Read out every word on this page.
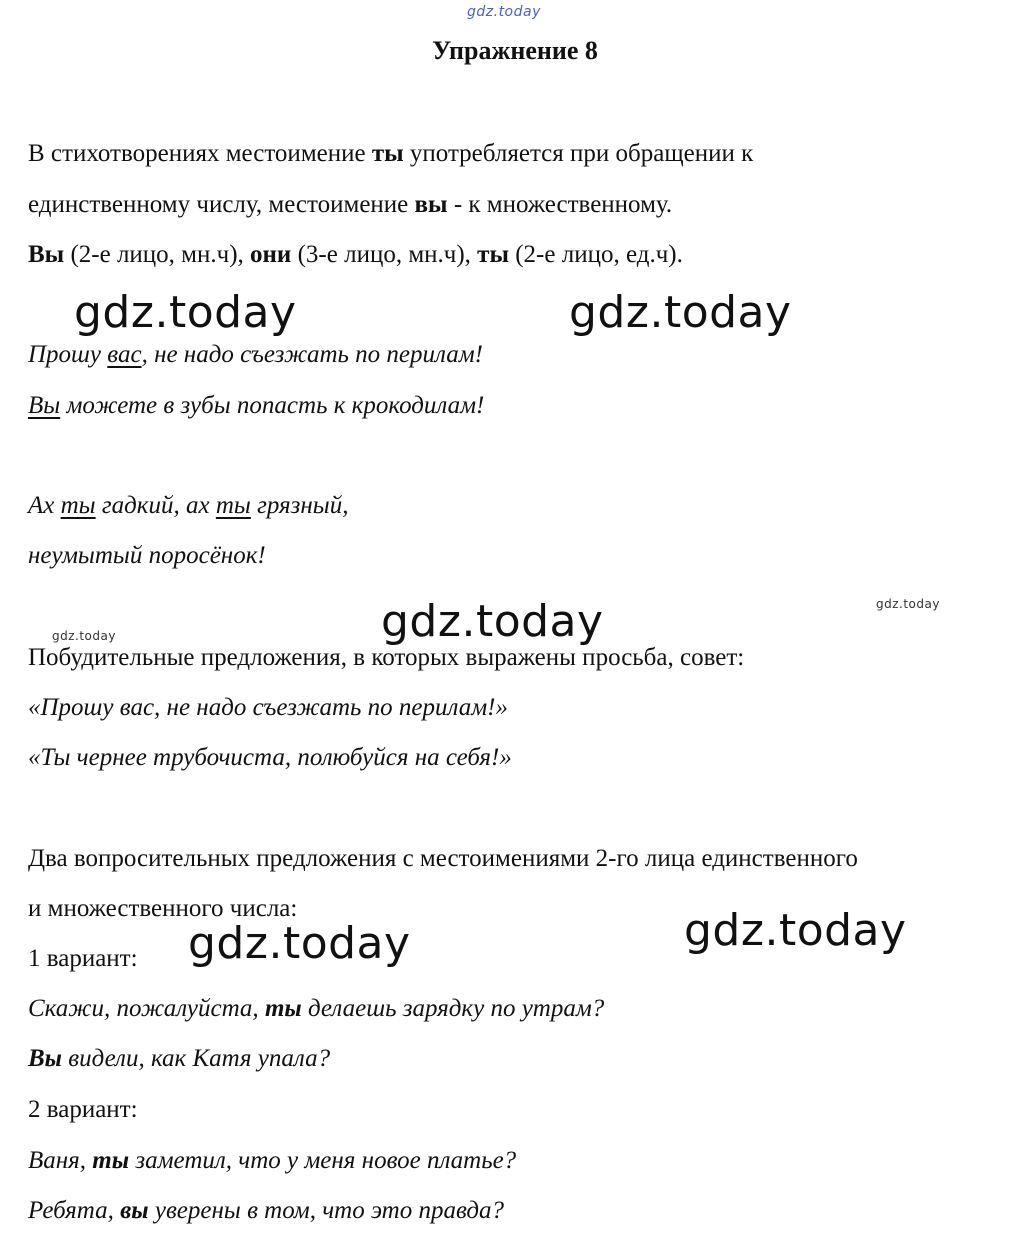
gdz.today
Упражнение 8
В стихотворениях местоимение ты употребляется при обращении к
единственному числу, местоимение вы - к множественному.
Вы (2-е лицо, мн.ч), они (3-е лицо, мн.ч), ты (2-е лицо, ед.ч).
gdz.today	gdz.today
Прошу вас, не надо съезжать по перилам!
Вы можете в зубы попасть к крокодилам!
Ах ты гадкий, ах ты грязный,
неумытый поросёнок!
gdz.today	gdz.today
gdz.today
Побудительные предложения, в которых выражены просьба, совет:
«Прошу вас, не надо съезжать по перилам!»
«Ты чернее трубочиста, полюбуйся на себя!»
Два вопросительных предложения с местоимениями 2-го лица единственного
и множественного числа:
gdz.today	gdz.today
1 вариант:
Скажи, пожалуйста, ты делаешь зарядку по утрам?
Вы видели, как Катя упала?
2 вариант:
Ваня, ты заметил, что у меня новое платье?
Ребята, вы уверены в том, что это правда?
